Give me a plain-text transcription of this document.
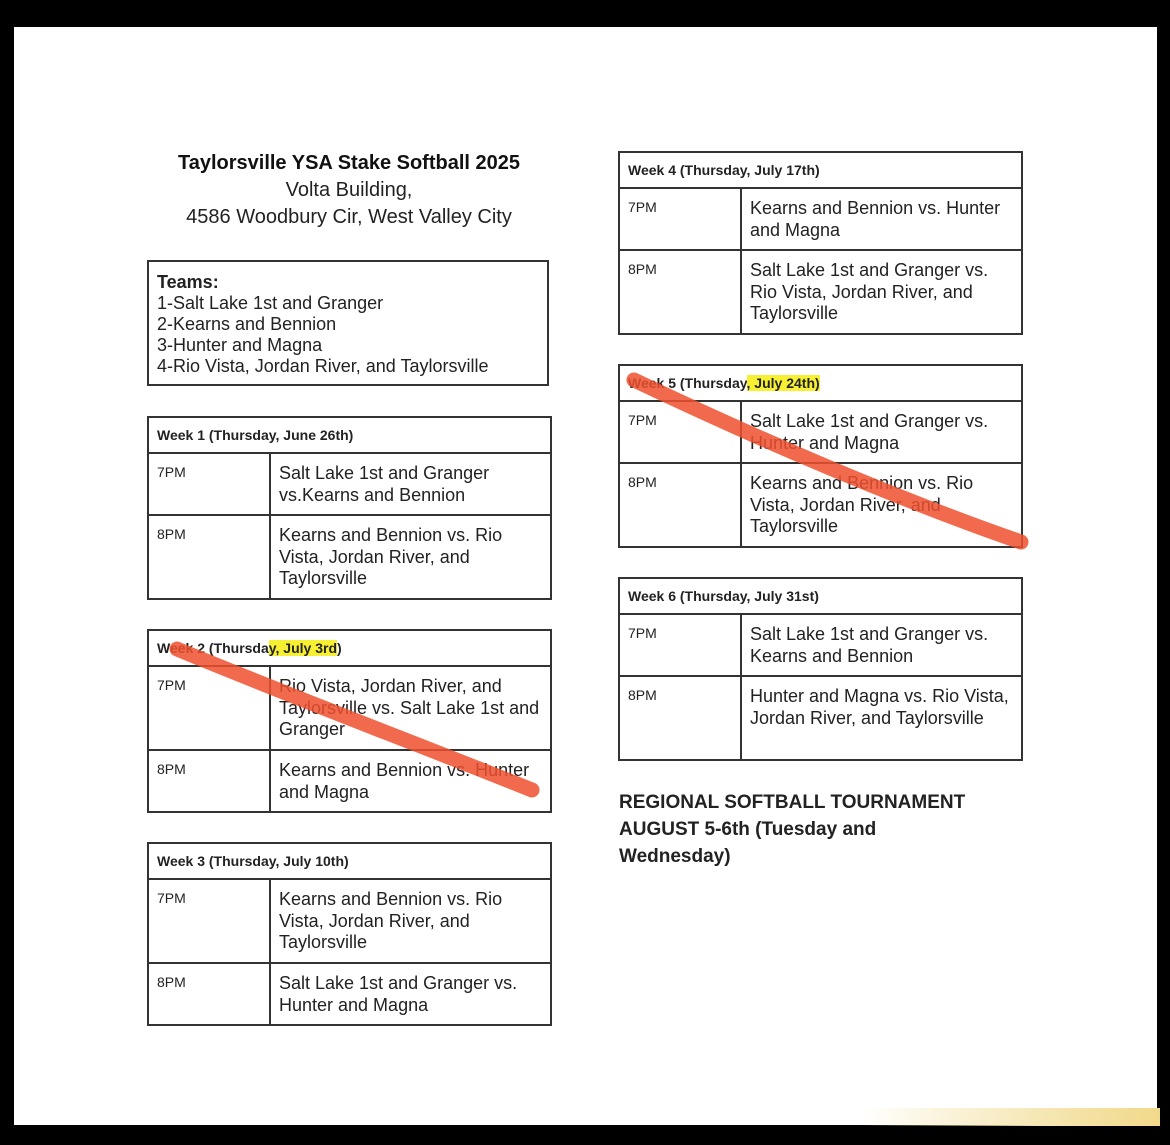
Taylorsville YSA Stake Softball 2025
Volta Building,
4586 Woodbury Cir, West Valley City
Teams:
1-Salt Lake 1st and Granger
2-Kearns and Bennion
3-Hunter and Magna
4-Rio Vista, Jordan River, and Taylorsville
Week 1 (Thursday, June 26th)	
7PM	Salt Lake 1st and Granger vs.Kearns and Bennion
8PM	Kearns and Bennion vs. Rio Vista, Jordan River, and Taylorsville
Week 2 (Thursday, July 3rd)	
7PM	Rio Vista, Jordan River, and Taylorsville vs. Salt Lake 1st and Granger
8PM	Kearns and Bennion vs. Hunter and Magna
Week 3 (Thursday, July 10th)	
7PM	Kearns and Bennion vs. Rio Vista, Jordan River, and Taylorsville
8PM	Salt Lake 1st and Granger vs. Hunter and Magna
Week 4 (Thursday, July 17th)	
7PM	Kearns and Bennion vs. Hunter and Magna
8PM	Salt Lake 1st and Granger vs. Rio Vista, Jordan River, and Taylorsville
Week 5 (Thursday, July 24th)	
7PM	Salt Lake 1st and Granger vs. Hunter and Magna
8PM	Kearns and Bennion vs. Rio Vista, Jordan River, and Taylorsville
Week 6 (Thursday, July 31st)	
7PM	Salt Lake 1st and Granger vs. Kearns and Bennion
8PM	Hunter and Magna vs. Rio Vista, Jordan River, and Taylorsville
REGIONAL SOFTBALL TOURNAMENT
AUGUST 5-6th (Tuesday and
Wednesday)
